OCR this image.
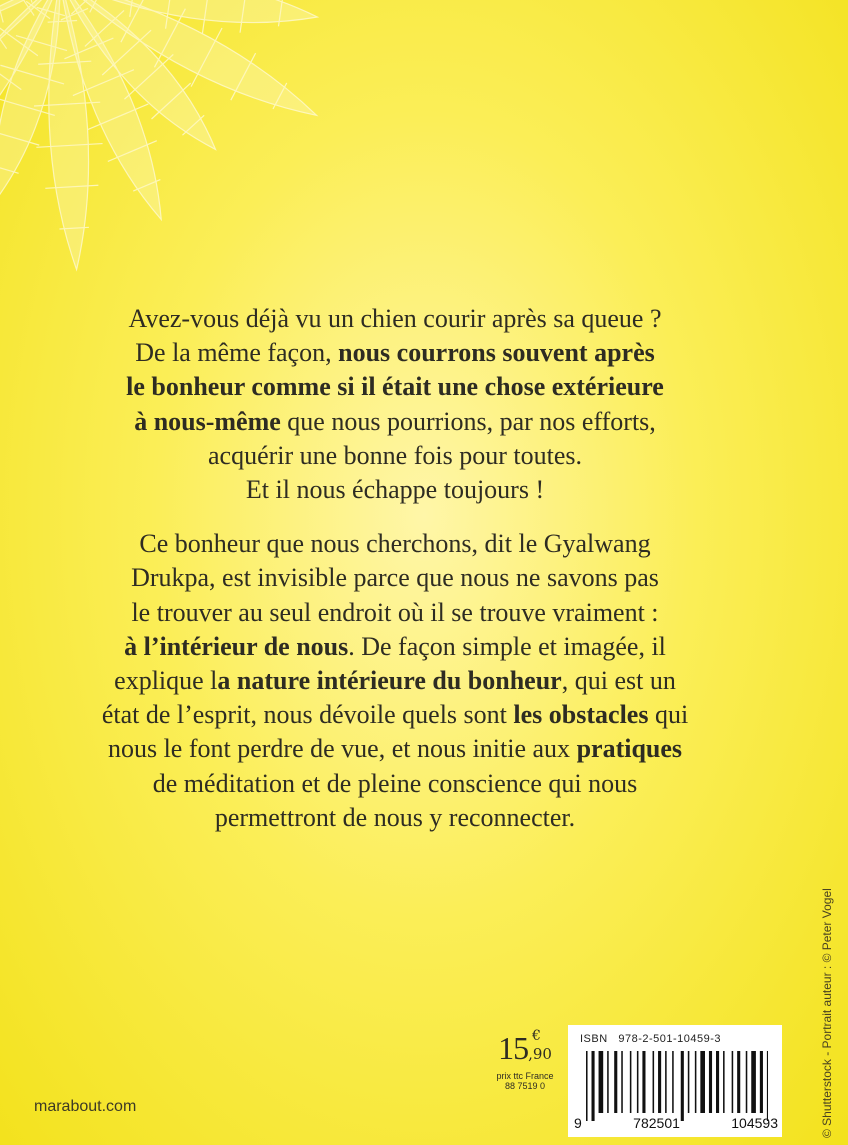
Avez-vous déjà vu un chien courir après sa queue ?
De la même façon, nous courrons souvent après
le bonheur comme si il était une chose extérieure
à nous-même que nous pourrions, par nos efforts,
acquérir une bonne fois pour toutes.
Et il nous échappe toujours !

Ce bonheur que nous cherchons, dit le Gyalwang
Drukpa, est invisible parce que nous ne savons pas
le trouver au seul endroit où il se trouve vraiment :
à l’intérieur de nous. De façon simple et imagée, il
explique la nature intérieure du bonheur, qui est un
état de l’esprit, nous dévoile quels sont les obstacles qui
nous le font perdre de vue, et nous initie aux pratiques
de méditation et de pleine conscience qui nous
permettront de nous y reconnecter.

© Shutterstock - Portrait auteur : © Peter Vogel
marabout.com
15,90
€
prix ttc France
88 7519 0
ISBN 978-2-501-10459-3
9	782501	104593
